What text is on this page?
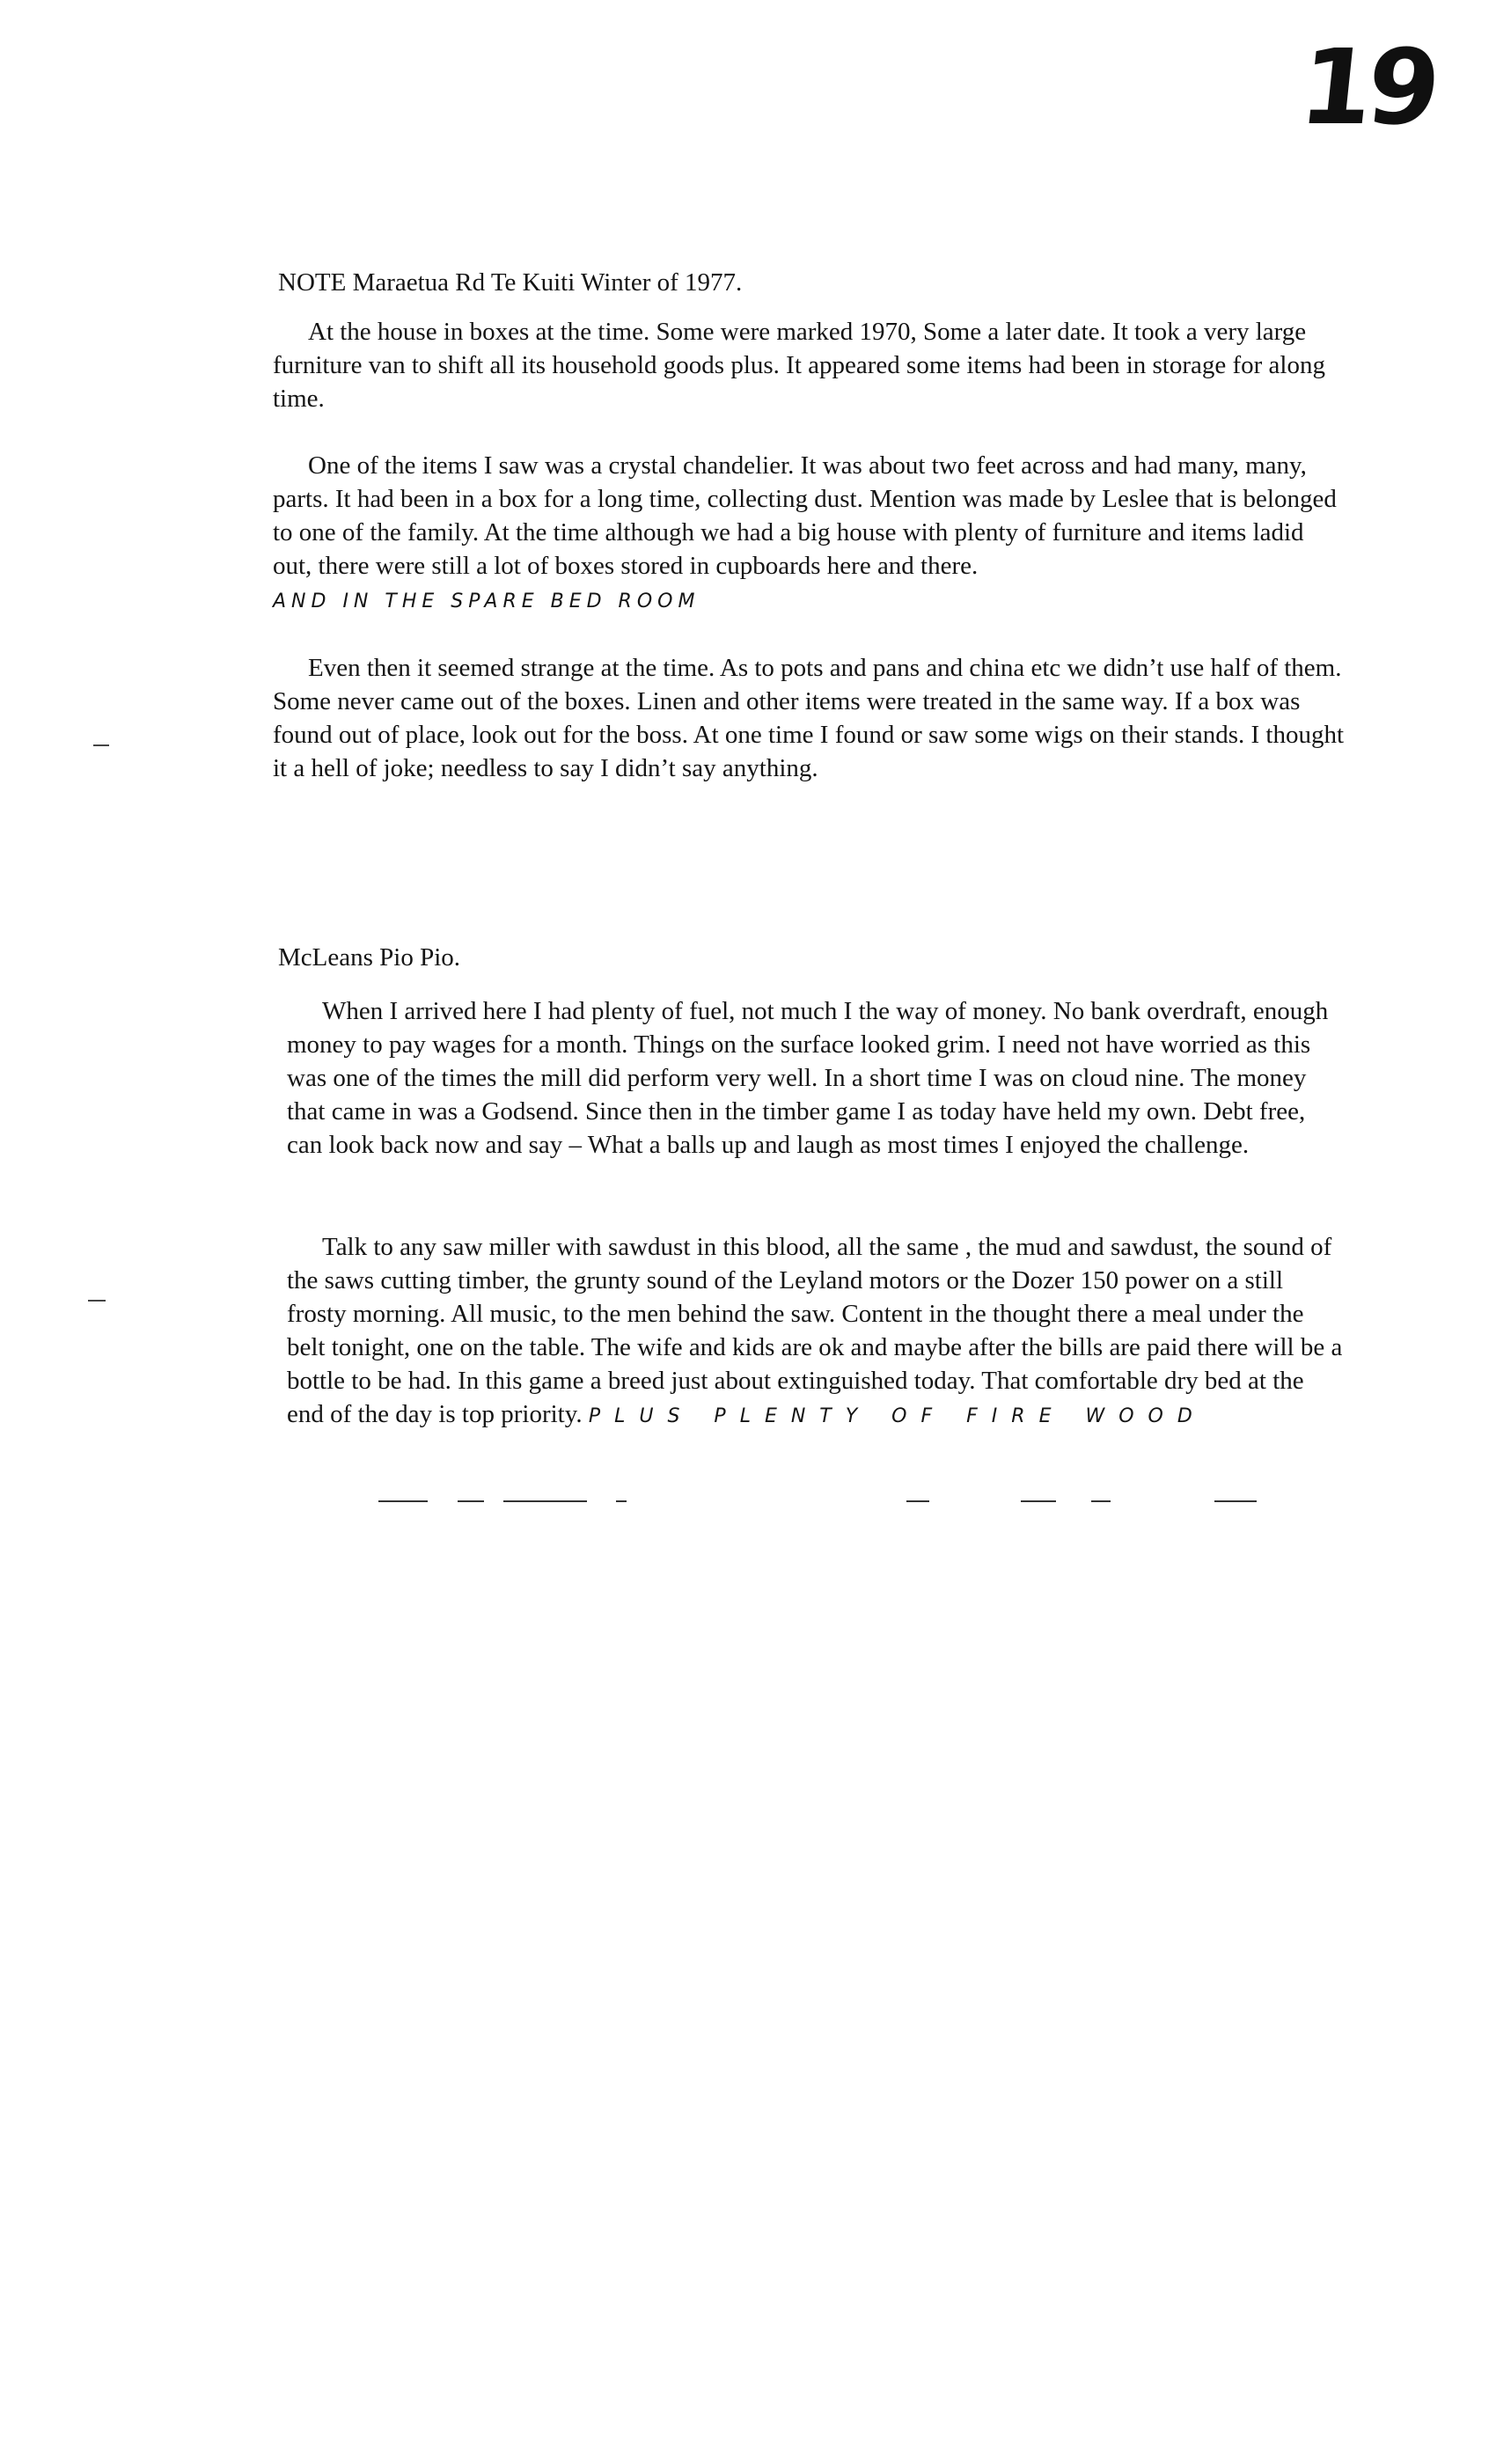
19
NOTE Maraetua Rd Te Kuiti Winter of 1977.

At the house in boxes at the time. Some were marked 1970, Some a later date. It took a very large furniture van to shift all its household goods plus. It appeared some items had been in storage for along time.

One of the items I saw was a crystal chandelier. It was about two feet across and had many, many, parts. It had been in a box for a long time, collecting dust. Mention was made by Leslee that is belonged to one of the family. At the time although we had a big house with plenty of furniture and items ladid out, there were still a lot of boxes stored in cupboards here and there. AND IN THE SPARE BED ROOM

Even then it seemed strange at the time. As to pots and pans and china etc we didn’t use half of them. Some never came out of the boxes. Linen and other items were treated in the same way. If a box was found out of place, look out for the boss. At one time I found or saw some wigs on their stands. I thought it a hell of joke; needless to say I didn’t say anything.

McLeans Pio Pio.

When I arrived here I had plenty of fuel, not much I the way of money. No bank overdraft, enough money to pay wages for a month. Things on the surface looked grim. I need not have worried as this was one of the times the mill did perform very well. In a short time I was on cloud nine. The money that came in was a Godsend. Since then in the timber game I as today have held my own. Debt free, can look back now and say – What a balls up and laugh as most times I enjoyed the challenge.

Talk to any saw miller with sawdust in this blood, all the same , the mud and sawdust, the sound of the saws cutting timber, the grunty sound of the Leyland motors or the Dozer 150 power on a still frosty morning. All music, to the men behind the saw. Content in the thought there a meal under the belt tonight, one on the table. The wife and kids are ok and maybe after the bills are paid there will be a bottle to be had. In this game a breed just about extinguished today. That comfortable dry bed at the end of the day is top priority. PLUS PLENTY OF FIRE WOOD
